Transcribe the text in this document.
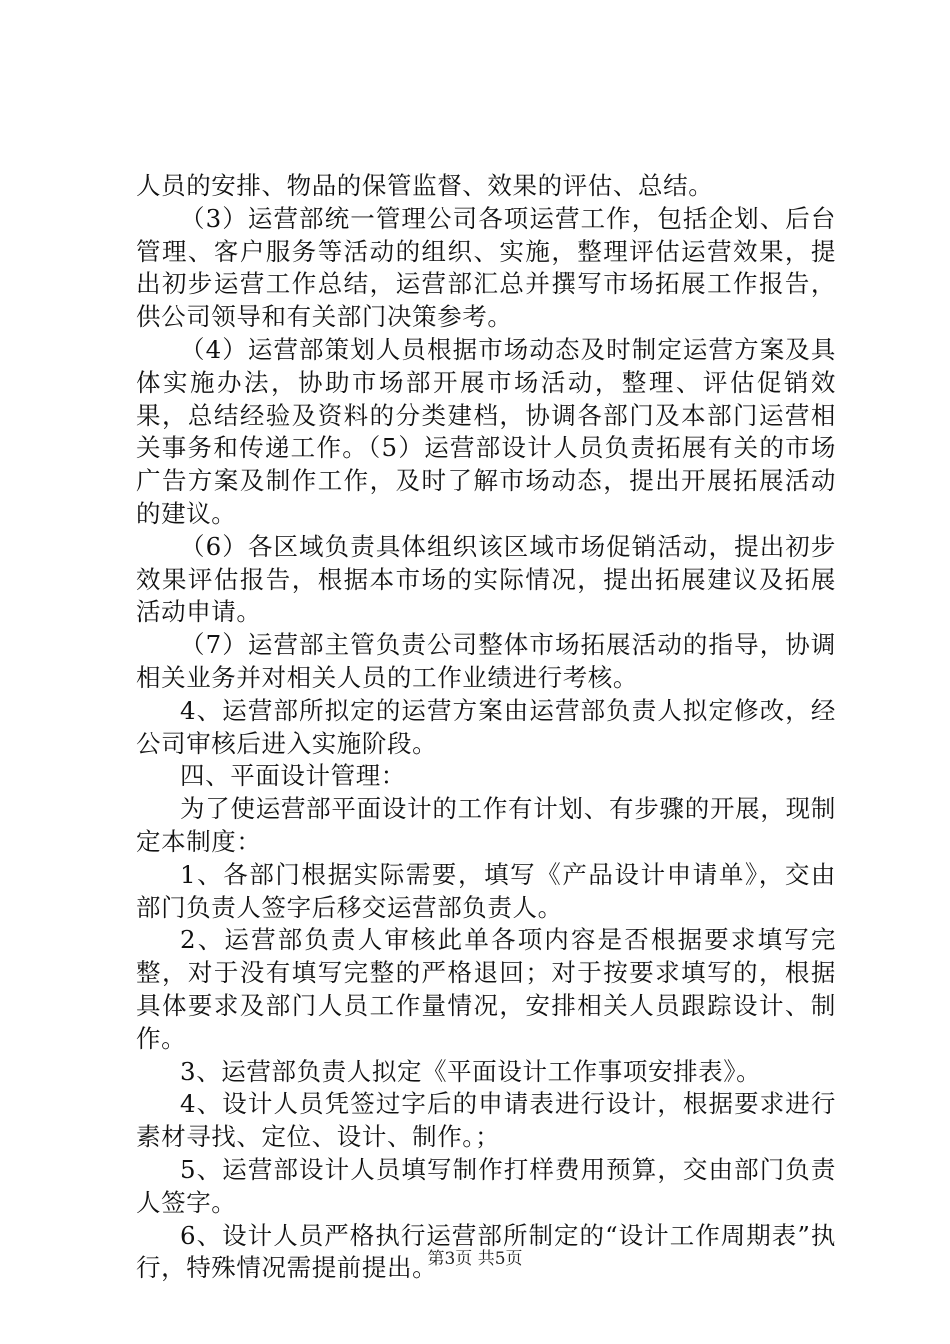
人员的安排、物品的保管监督、效果的评估、总结。

（3）运营部统一管理公司各项运营工作，包括企划、后台管理、客户服务等活动的组织、实施，整理评估运营效果，提出初步运营工作总结，运营部汇总并撰写市场拓展工作报告，供公司领导和有关部门决策参考。

（4）运营部策划人员根据市场动态及时制定运营方案及具体实施办法，协助市场部开展市场活动，整理、评估促销效果，总结经验及资料的分类建档，协调各部门及本部门运营相关事务和传递工作。（5）运营部设计人员负责拓展有关的市场广告方案及制作工作，及时了解市场动态，提出开展拓展活动的建议。

（6）各区域负责具体组织该区域市场促销活动，提出初步效果评估报告，根据本市场的实际情况，提出拓展建议及拓展活动申请。

（7）运营部主管负责公司整体市场拓展活动的指导，协调相关业务并对相关人员的工作业绩进行考核。

4、运营部所拟定的运营方案由运营部负责人拟定修改，经公司审核后进入实施阶段。

四、平面设计管理：

为了使运营部平面设计的工作有计划、有步骤的开展，现制定本制度：

1、各部门根据实际需要，填写《产品设计申请单》，交由部门负责人签字后移交运营部负责人。

2、运营部负责人审核此单各项内容是否根据要求填写完整，对于没有填写完整的严格退回；对于按要求填写的，根据具体要求及部门人员工作量情况，安排相关人员跟踪设计、制作。

3、运营部负责人拟定《平面设计工作事项安排表》。

4、设计人员凭签过字后的申请表进行设计，根据要求进行素材寻找、定位、设计、制作。；

5、运营部设计人员填写制作打样费用预算，交由部门负责人签字。

6、设计人员严格执行运营部所制定的“设计工作周期表”执行，特殊情况需提前提出。

第3页 共5页
